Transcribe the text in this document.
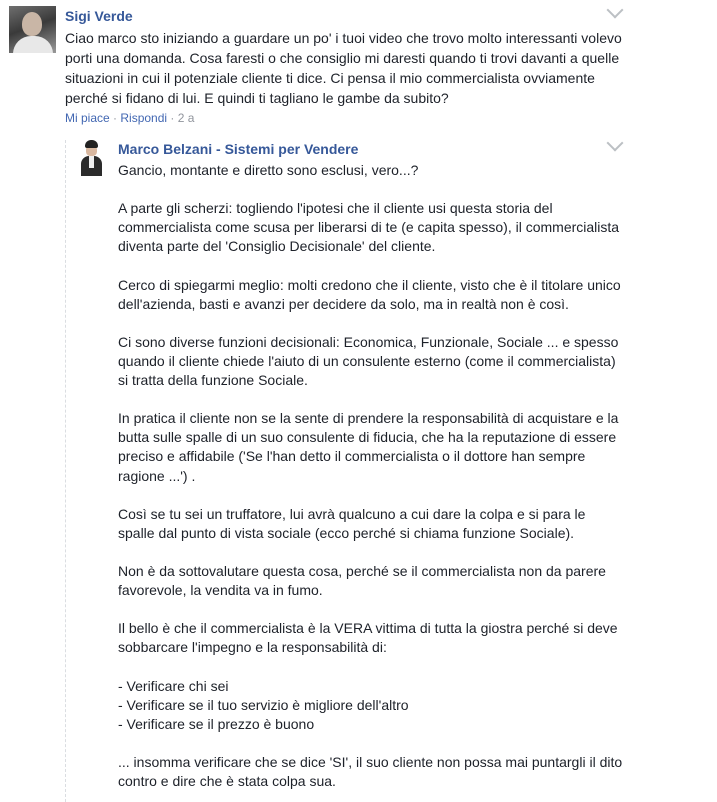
Sigi Verde
Ciao marco sto iniziando a guardare un po' i tuoi video che trovo molto interessanti volevo
porti una domanda. Cosa faresti o che consiglio mi daresti quando ti trovi davanti a quelle
situazioni in cui il potenziale cliente ti dice. Ci pensa il mio commercialista ovviamente
perché si fidano di lui. E quindi ti tagliano le gambe da subito?
Mi piace · Rispondi · 2 a
Marco Belzani - Sistemi per Vendere
Gancio, montante e diretto sono esclusi, vero...?

A parte gli scherzi: togliendo l'ipotesi che il cliente usi questa storia del
commercialista come scusa per liberarsi di te (e capita spesso), il commercialista
diventa parte del 'Consiglio Decisionale' del cliente.

Cerco di spiegarmi meglio: molti credono che il cliente, visto che è il titolare unico
dell'azienda, basti e avanzi per decidere da solo, ma in realtà non è così.

Ci sono diverse funzioni decisionali: Economica, Funzionale, Sociale ... e spesso
quando il cliente chiede l'aiuto di un consulente esterno (come il commercialista)
si tratta della funzione Sociale.

In pratica il cliente non se la sente di prendere la responsabilità di acquistare e la
butta sulle spalle di un suo consulente di fiducia, che ha la reputazione di essere
preciso e affidabile ('Se l'han detto il commercialista o il dottore han sempre
ragione ...') .

Così se tu sei un truffatore, lui avrà qualcuno a cui dare la colpa e si para le
spalle dal punto di vista sociale (ecco perché si chiama funzione Sociale).

Non è da sottovalutare questa cosa, perché se il commercialista non da parere
favorevole, la vendita va in fumo.

Il bello è che il commercialista è la VERA vittima di tutta la giostra perché si deve
sobbarcare l'impegno e la responsabilità di:

- Verificare chi sei
- Verificare se il tuo servizio è migliore dell'altro
- Verificare se il prezzo è buono

... insomma verificare che se dice 'SI', il suo cliente non possa mai puntargli il dito
contro e dire che è stata colpa sua.
